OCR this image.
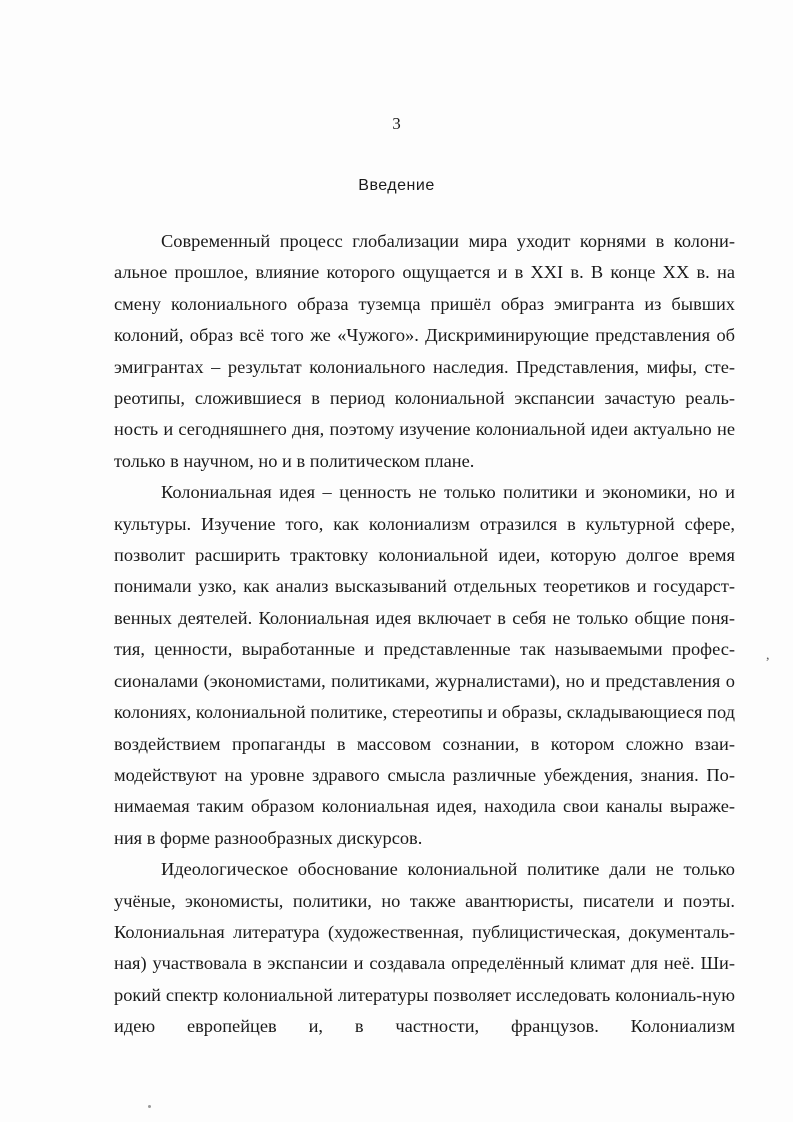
3
Введение

Современный процесс глобализации мира уходит корнями в колони-альное прошлое, влияние которого ощущается и в XXI в. В конце XX в. на смену колониального образа туземца пришёл образ эмигранта из бывших колоний, образ всё того же «Чужого». Дискриминирующие представления об эмигрантах – результат колониального наследия. Представления, мифы, сте-реотипы, сложившиеся в период колониальной экспансии зачастую реаль-ность и сегодняшнего дня, поэтому изучение колониальной идеи актуально не только в научном, но и в политическом плане.

Колониальная идея – ценность не только политики и экономики, но и культуры. Изучение того, как колониализм отразился в культурной сфере, позволит расширить трактовку колониальной идеи, которую долгое время понимали узко, как анализ высказываний отдельных теоретиков и государст-венных деятелей. Колониальная идея включает в себя не только общие поня-тия, ценности, выработанные и представленные так называемыми профес-сионалами (экономистами, политиками, журналистами), но и представления о колониях, колониальной политике, стереотипы и образы, складывающиеся под воздействием пропаганды в массовом сознании, в котором сложно взаи-модействуют на уровне здравого смысла различные убеждения, знания. По-нимаемая таким образом колониальная идея, находила свои каналы выраже-ния в форме разнообразных дискурсов.

Идеологическое обоснование колониальной политике дали не только учёные, экономисты, политики, но также авантюристы, писатели и поэты. Колониальная литература (художественная, публицистическая, документаль-ная) участвовала в экспансии и создавала определённый климат для неё. Ши-рокий спектр колониальной литературы позволяет исследовать колониаль-ную идею европейцев и, в частности, французов. Колониализм

,
